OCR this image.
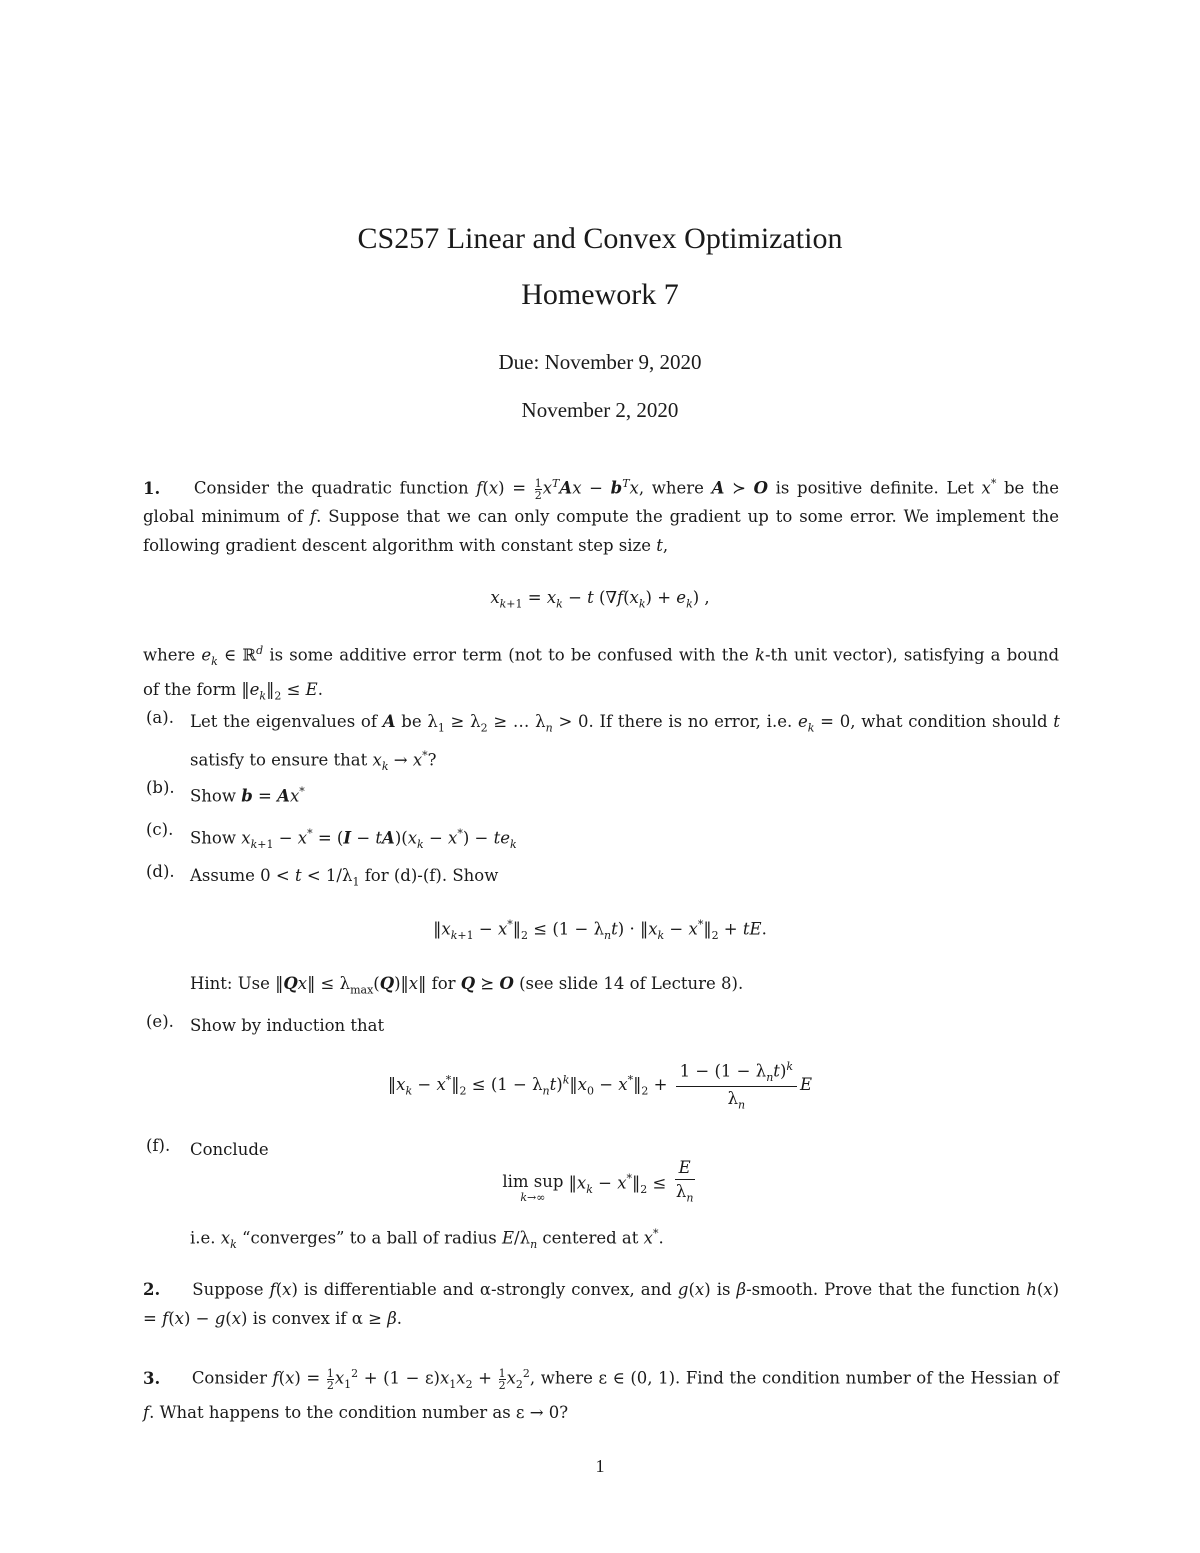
CS257 Linear and Convex Optimization
Homework 7
Due: November 9, 2020
November 2, 2020
1. Consider the quadratic function $f(x) = \frac{1}{2} x^TAx - b^Tx$, where A ≻ O is positive definite. Let x* be the global minimum of f. Suppose that we can only compute the gradient up to some error. We implement the following gradient descent algorithm with constant step size t,
$x_{k+1} = x_k - t$ $(\nabla f(x_k) + e_k)$ ,
where $e_k$ ∈ ℝ$^d$ is some additive error term (not to be confused with the k-th unit vector), satisfying a bound of the form $‖e_k‖_2 \le E$.
(a). Let the eigenvalues of A be $\lambda_1 \ge \lambda_2$ ≥ … $\lambda_n > 0$. If there is no error, i.e. $e_k = 0$, what condition should t satisfy to ensure that $x_k \to x^*$?
(b). Show b = Ax*
(c). Show $x_{k+1} - x^* = (I - tA)(x_k - x^*) - te_k$
(d). Assume $0 < t < 1/\lambda_1$ for (d)-(f). Show
$‖x_{k+1}$ − $x^*‖_2 \le (1 - \lambda_nt)$ · $‖x_k$ − $x^*‖_2$ + tE.
Hint: Use ‖Qx‖ ≤ $\lambda_{max}(Q)‖x‖$ for Q ⪰ O (see slide 14 of Lecture 8).
(e). Show by induction that
$‖x_k$ − $x^*‖_2 \le (1$ − $\lambda_nt)^k‖x_0$ − $x^*‖_2 + \frac{1 - (1 - \lambda_nt)^k}{\lambda_n}$ E
(f). Conclude
lim sup
k→∞
$‖x_k$ − $x^*‖_2 \le \frac{E}{\lambda_n}$
i.e. $x_k$ “converges” to a ball of radius $E/\lambda_n$ centered at x*.
2. Suppose f(x) is differentiable and α-strongly convex, and g(x) is β-smooth. Prove that the function h(x) = f(x) − g(x) is convex if α ≥ β.
3. Consider $f(x) = \frac{1}{2} x_1^2 + (1 - \varepsilon)x_1x_2 + \frac{1}{2} x_2^2$, where ε ∈ (0, 1). Find the condition number of the Hessian of f. What happens to the condition number as ε → 0?
1
